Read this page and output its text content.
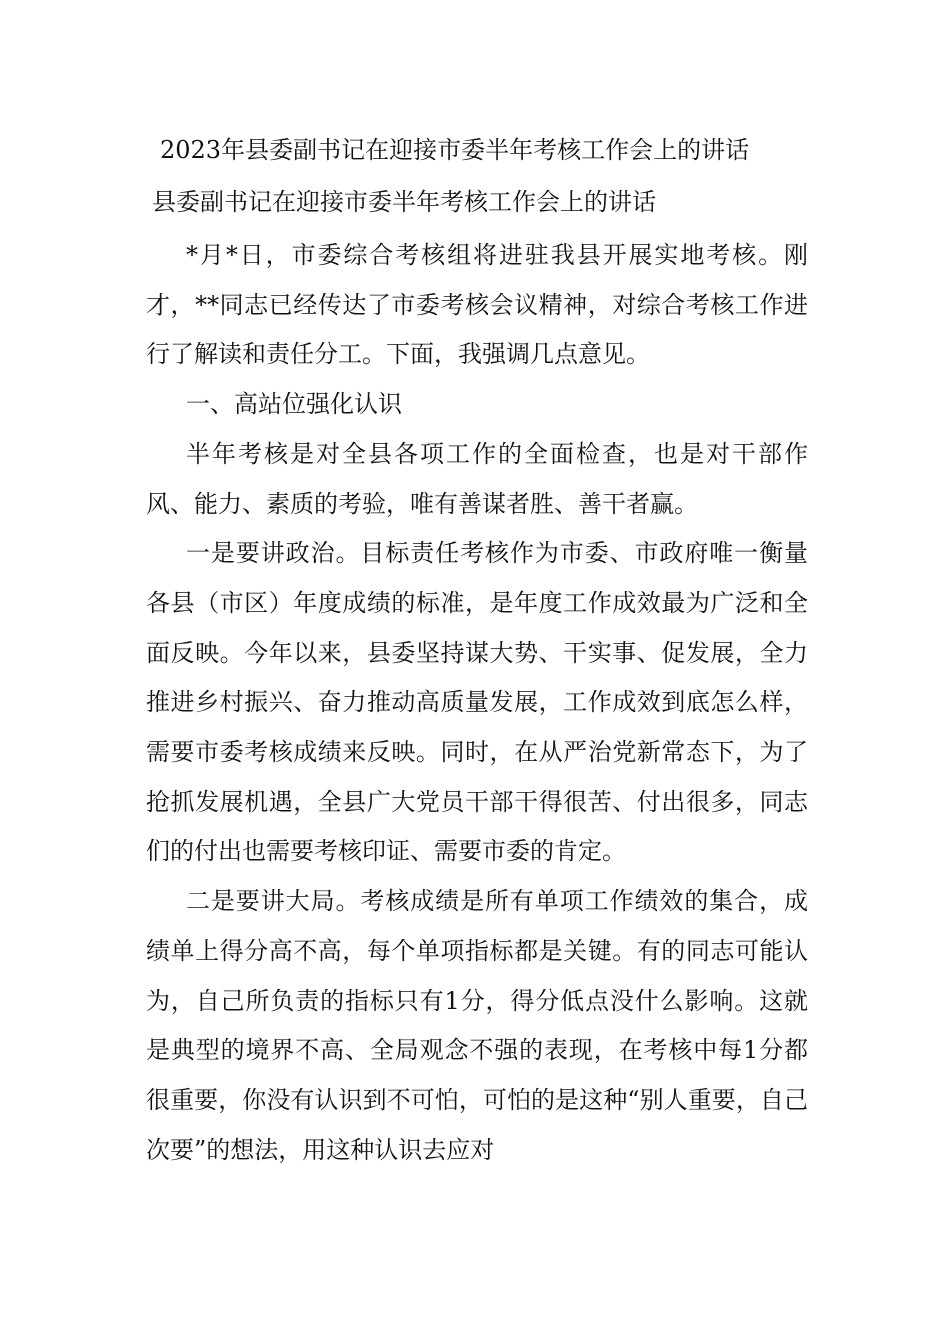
2023年县委副书记在迎接市委半年考核工作会上的讲话
县委副书记在迎接市委半年考核工作会上的讲话

*月*日，市委综合考核组将进驻我县开展实地考核。刚才，**同志已经传达了市委考核会议精神，对综合考核工作进行了解读和责任分工。下面，我强调几点意见。

一、高站位强化认识

半年考核是对全县各项工作的全面检查，也是对干部作风、能力、素质的考验，唯有善谋者胜、善干者赢。

一是要讲政治。目标责任考核作为市委、市政府唯一衡量各县（市区）年度成绩的标准，是年度工作成效最为广泛和全面反映。今年以来，县委坚持谋大势、干实事、促发展，全力推进乡村振兴、奋力推动高质量发展，工作成效到底怎么样，需要市委考核成绩来反映。同时，在从严治党新常态下，为了抢抓发展机遇，全县广大党员干部干得很苦、付出很多，同志们的付出也需要考核印证、需要市委的肯定。

二是要讲大局。考核成绩是所有单项工作绩效的集合，成绩单上得分高不高，每个单项指标都是关键。有的同志可能认为，自己所负责的指标只有1分，得分低点没什么影响。这就是典型的境界不高、全局观念不强的表现，在考核中每1分都很重要，你没有认识到不可怕，可怕的是这种“别人重要，自己次要”的想法，用这种认识去应对
